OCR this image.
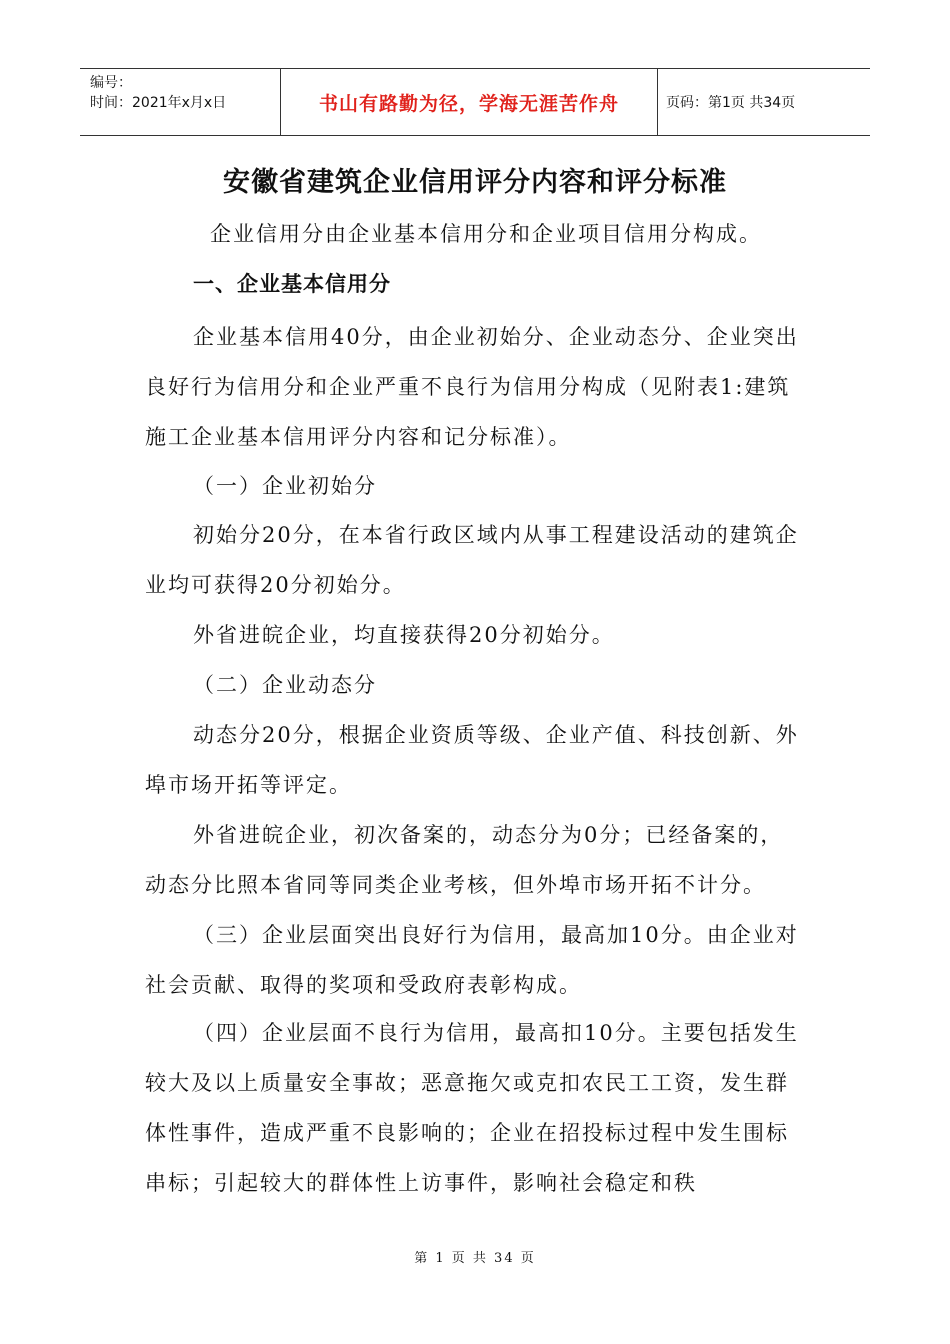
编号：
时间：2021年x月x日	书山有路勤为径，学海无涯苦作舟	页码：第1页 共34页
安徽省建筑企业信用评分内容和评分标准
企业信用分由企业基本信用分和企业项目信用分构成。
一、企业基本信用分
企业基本信用40分，由企业初始分、企业动态分、企业突出良好行为信用分和企业严重不良行为信用分构成（见附表1:建筑施工企业基本信用评分内容和记分标准）。
（一）企业初始分
初始分20分，在本省行政区域内从事工程建设活动的建筑企业均可获得20分初始分。
外省进皖企业，均直接获得20分初始分。
（二）企业动态分
动态分20分，根据企业资质等级、企业产值、科技创新、外埠市场开拓等评定。
外省进皖企业，初次备案的，动态分为0分；已经备案的，动态分比照本省同等同类企业考核，但外埠市场开拓不计分。
（三）企业层面突出良好行为信用，最高加10分。由企业对社会贡献、取得的奖项和受政府表彰构成。
（四）企业层面不良行为信用，最高扣10分。主要包括发生较大及以上质量安全事故；恶意拖欠或克扣农民工工资，发生群体性事件，造成严重不良影响的；企业在招投标过程中发生围标串标；引起较大的群体性上访事件，影响社会稳定和秩
第 1 页 共 34 页
